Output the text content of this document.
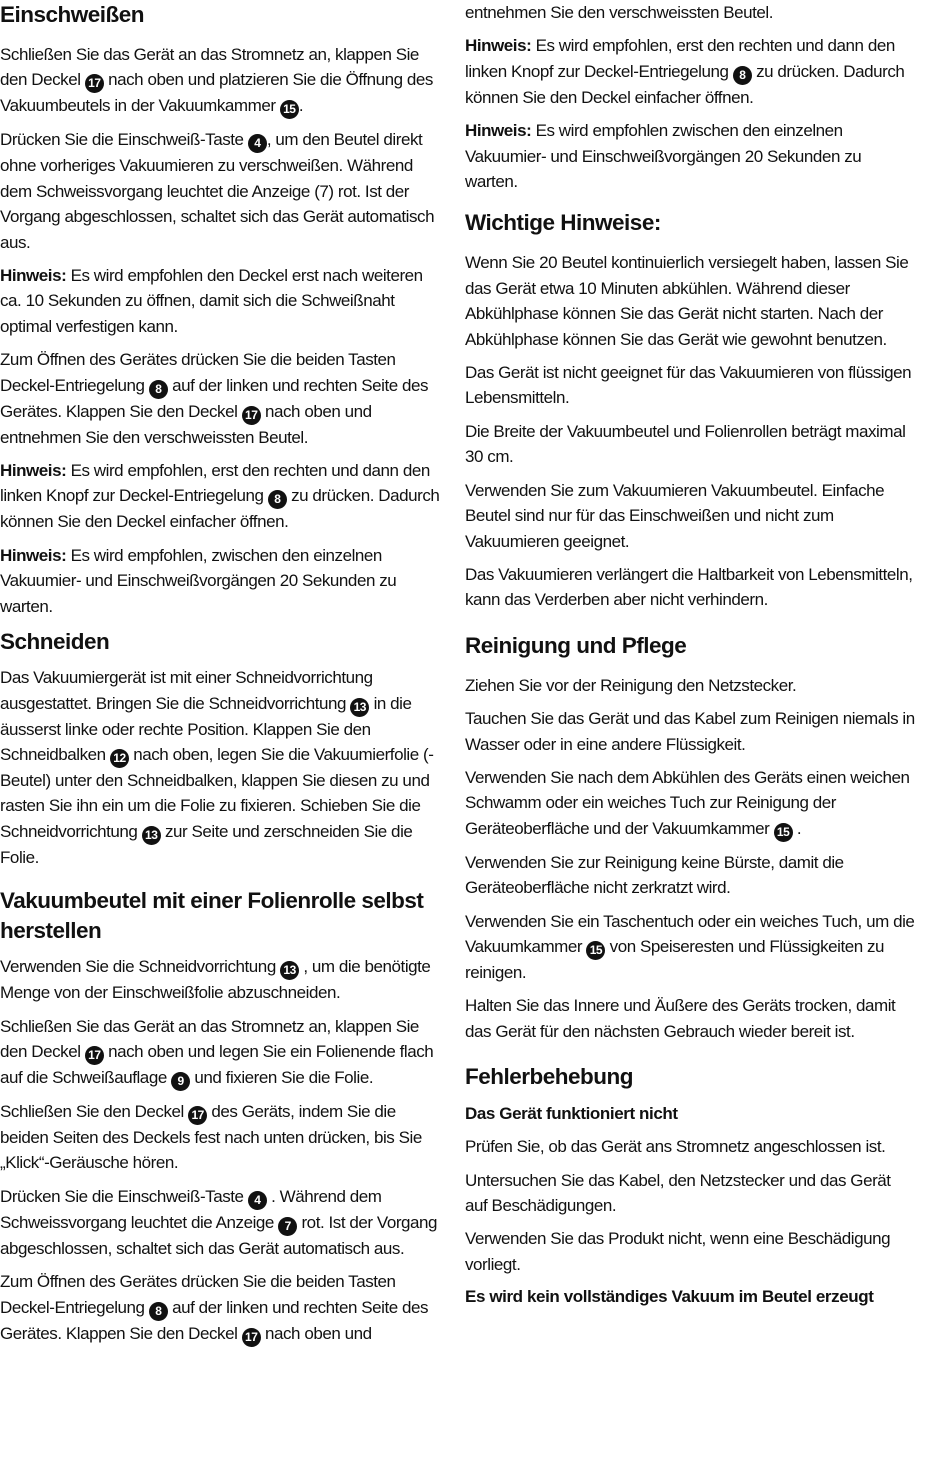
Einschweißen

Schließen Sie das Gerät an das Stromnetz an, klappen Sie den Deckel 17 nach oben und platzieren Sie die Öffnung des Vakuumbeutels in der Vakuumkammer 15 .

Drücken Sie die Einschweiß-Taste 4 , um den Beutel direkt ohne vorheriges Vakuumieren zu verschweißen. Während dem Schweissvorgang leuchtet die Anzeige (7) rot. Ist der Vorgang abgeschlossen, schaltet sich das Gerät automatisch aus.

Hinweis: Es wird empfohlen den Deckel erst nach weiteren ca. 10 Sekunden zu öffnen, damit sich die Schweißnaht optimal verfestigen kann.

Zum Öffnen des Gerätes drücken Sie die beiden Tasten Deckel-Entriegelung 8 auf der linken und rechten Seite des Gerätes. Klappen Sie den Deckel 17 nach oben und entnehmen Sie den verschweissten Beutel.

Hinweis: Es wird empfohlen, erst den rechten und dann den linken Knopf zur Deckel-Entriegelung 8 zu drücken. Dadurch können Sie den Deckel einfacher öffnen.

Hinweis: Es wird empfohlen, zwischen den einzelnen Vakuumier- und Einschweißvorgängen 20 Sekunden zu warten.

Schneiden

Das Vakuumiergerät ist mit einer Schneidvorrichtung ausgestattet. Bringen Sie die Schneidvorrichtung 13 in die äusserst linke oder rechte Position. Klappen Sie den Schneidbalken 12 nach oben, legen Sie die Vakuumierfolie (-Beutel) unter den Schneidbalken, klappen Sie diesen zu und rasten Sie ihn ein um die Folie zu fixieren. Schieben Sie die Schneidvorrichtung 13 zur Seite und zerschneiden Sie die Folie.

Vakuumbeutel mit einer Folienrolle selbst herstellen

Verwenden Sie die Schneidvorrichtung 13 , um die benötigte Menge von der Einschweißfolie abzuschneiden.

Schließen Sie das Gerät an das Stromnetz an, klappen Sie den Deckel 17 nach oben und legen Sie ein Folienende flach auf die Schweißauflage 9 und fixieren Sie die Folie.

Schließen Sie den Deckel 17 des Geräts, indem Sie die beiden Seiten des Deckels fest nach unten drücken, bis Sie „Klick“-Geräusche hören.

Drücken Sie die Einschweiß-Taste 4 . Während dem Schweissvorgang leuchtet die Anzeige 7 rot. Ist der Vorgang abgeschlossen, schaltet sich das Gerät automatisch aus.

Zum Öffnen des Gerätes drücken Sie die beiden Tasten Deckel-Entriegelung 8 auf der linken und rechten Seite des Gerätes. Klappen Sie den Deckel 17 nach oben und

entnehmen Sie den verschweissten Beutel.

Hinweis: Es wird empfohlen, erst den rechten und dann den linken Knopf zur Deckel-Entriegelung 8 zu drücken. Dadurch können Sie den Deckel einfacher öffnen.

Hinweis: Es wird empfohlen zwischen den einzelnen Vakuumier- und Einschweißvorgängen 20 Sekunden zu warten.

Wichtige Hinweise:

Wenn Sie 20 Beutel kontinuierlich versiegelt haben, lassen Sie das Gerät etwa 10 Minuten abkühlen. Während dieser Abkühlphase können Sie das Gerät nicht starten. Nach der Abkühlphase können Sie das Gerät wie gewohnt benutzen.

Das Gerät ist nicht geeignet für das Vakuumieren von flüssigen Lebensmitteln.

Die Breite der Vakuumbeutel und Folienrollen beträgt maximal 30 cm.

Verwenden Sie zum Vakuumieren Vakuumbeutel. Einfache Beutel sind nur für das Einschweißen und nicht zum Vakuumieren geeignet.

Das Vakuumieren verlängert die Haltbarkeit von Lebensmitteln, kann das Verderben aber nicht verhindern.

Reinigung und Pflege

Ziehen Sie vor der Reinigung den Netzstecker.

Tauchen Sie das Gerät und das Kabel zum Reinigen niemals in Wasser oder in eine andere Flüssigkeit.

Verwenden Sie nach dem Abkühlen des Geräts einen weichen Schwamm oder ein weiches Tuch zur Reinigung der Geräteoberfläche und der Vakuumkammer 15 .

Verwenden Sie zur Reinigung keine Bürste, damit die Geräteoberfläche nicht zerkratzt wird.

Verwenden Sie ein Taschentuch oder ein weiches Tuch, um die Vakuumkammer 15 von Speiseresten und Flüssigkeiten zu reinigen.

Halten Sie das Innere und Äußere des Geräts trocken, damit das Gerät für den nächsten Gebrauch wieder bereit ist.

Fehlerbehebung
Das Gerät funktioniert nicht

Prüfen Sie, ob das Gerät ans Stromnetz angeschlossen ist.

Untersuchen Sie das Kabel, den Netzstecker und das Gerät auf Beschädigungen.

Verwenden Sie das Produkt nicht, wenn eine Beschädigung vorliegt.

Es wird kein vollständiges Vakuum im Beutel erzeugt
